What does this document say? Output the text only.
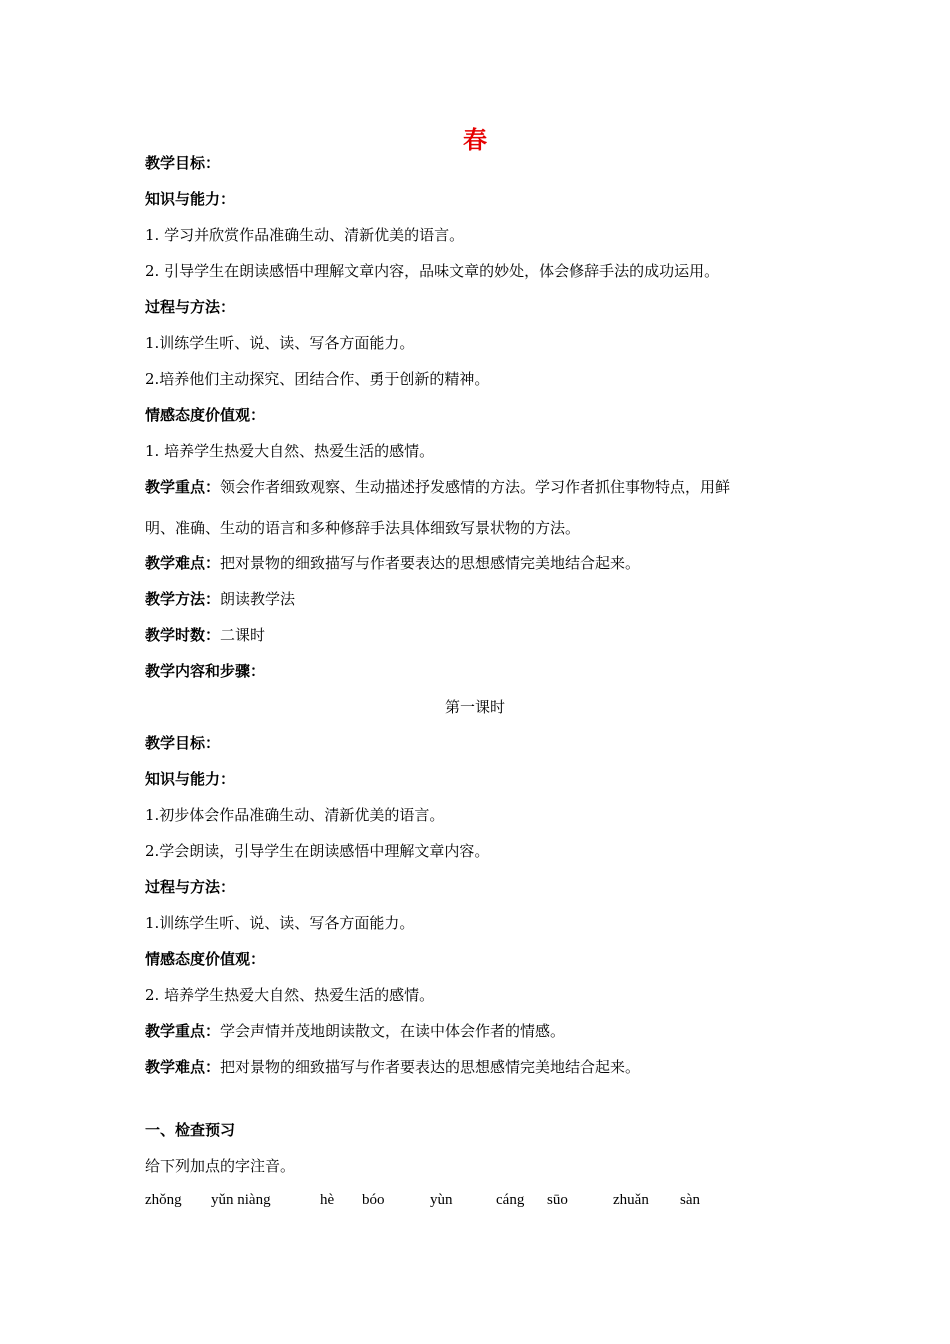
春
教学目标：
知识与能力：
1. 学习并欣赏作品准确生动、清新优美的语言。
2. 引导学生在朗读感悟中理解文章内容，品味文章的妙处，体会修辞手法的成功运用。
过程与方法：
1.训练学生听、说、读、写各方面能力。
2.培养他们主动探究、团结合作、勇于创新的精神。
情感态度价值观：
1. 培养学生热爱大自然、热爱生活的感情。
教学重点：领会作者细致观察、生动描述抒发感情的方法。学习作者抓住事物特点，用鲜
明、准确、生动的语言和多种修辞手法具体细致写景状物的方法。
教学难点：把对景物的细致描写与作者要表达的思想感情完美地结合起来。
教学方法：朗读教学法
教学时数：二课时
教学内容和步骤：
第一课时
教学目标：
知识与能力：
1.初步体会作品准确生动、清新优美的语言。
2.学会朗读，引导学生在朗读感悟中理解文章内容。
过程与方法：
1.训练学生听、说、读、写各方面能力。
情感态度价值观：
2. 培养学生热爱大自然、热爱生活的感情。
教学重点：学会声情并茂地朗读散文，在读中体会作者的情感。
教学难点：把对景物的细致描写与作者要表达的思想感情完美地结合起来。
一、检查预习
给下列加点的字注音。
zhǒng yǔn niàng	hè bóo	yùn	cáng sūo	zhuǎn sàn
